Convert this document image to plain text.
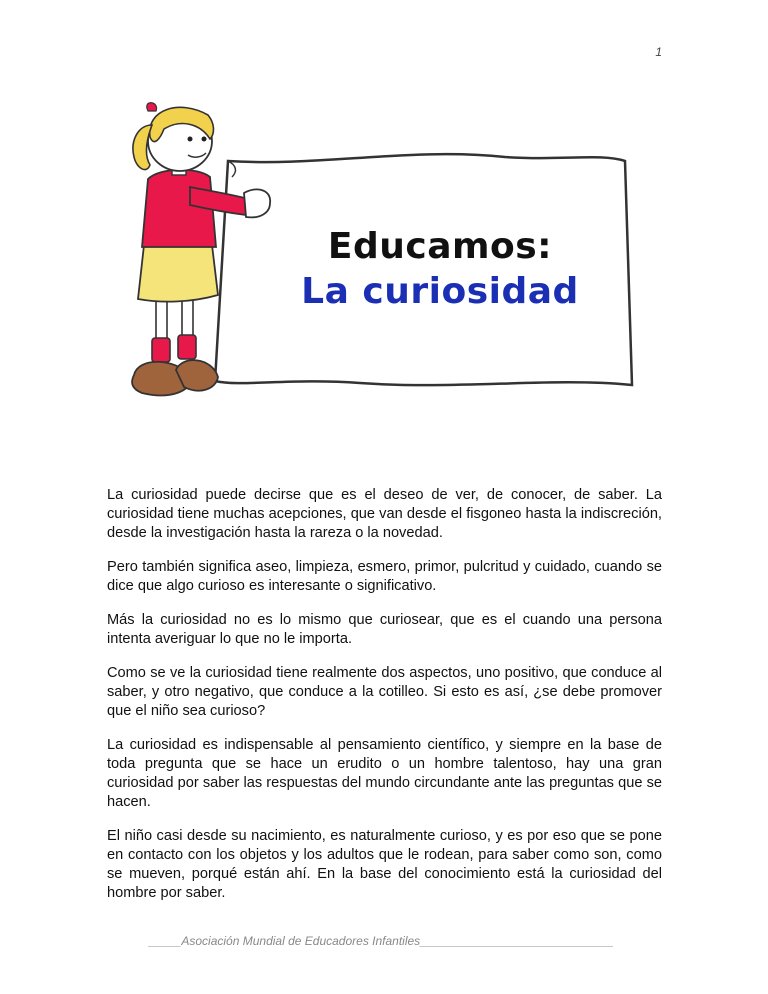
1
Educamos:
La curiosidad

La curiosidad puede decirse que es el deseo de ver, de conocer, de saber. La curiosidad tiene muchas acepciones, que van desde el fisgoneo hasta la indiscreción, desde la investigación hasta la rareza o la novedad.

Pero también significa aseo, limpieza, esmero, primor, pulcritud y cuidado, cuando se dice que algo curioso es interesante o significativo.

Más la curiosidad no es lo mismo que curiosear, que es el cuando una persona intenta averiguar lo que no le importa.

Como se ve la curiosidad tiene realmente dos aspectos, uno positivo, que conduce al saber, y otro negativo, que conduce a la cotilleo. Si esto es así, ¿se debe promover que el niño sea curioso?

La curiosidad es indispensable al pensamiento científico, y siempre en la base de toda pregunta que se hace un erudito o un hombre talentoso, hay una gran curiosidad por saber las respuestas del mundo circundante ante las preguntas que se hacen.

El niño casi desde su nacimiento, es naturalmente curioso, y es por eso que se pone en contacto con los objetos y los adultos que le rodean, para saber como son, como se mueven, porqué están ahí. En la base del conocimiento está la curiosidad del hombre por saber.

_____Asociación Mundial de Educadores Infantiles_____________________________
